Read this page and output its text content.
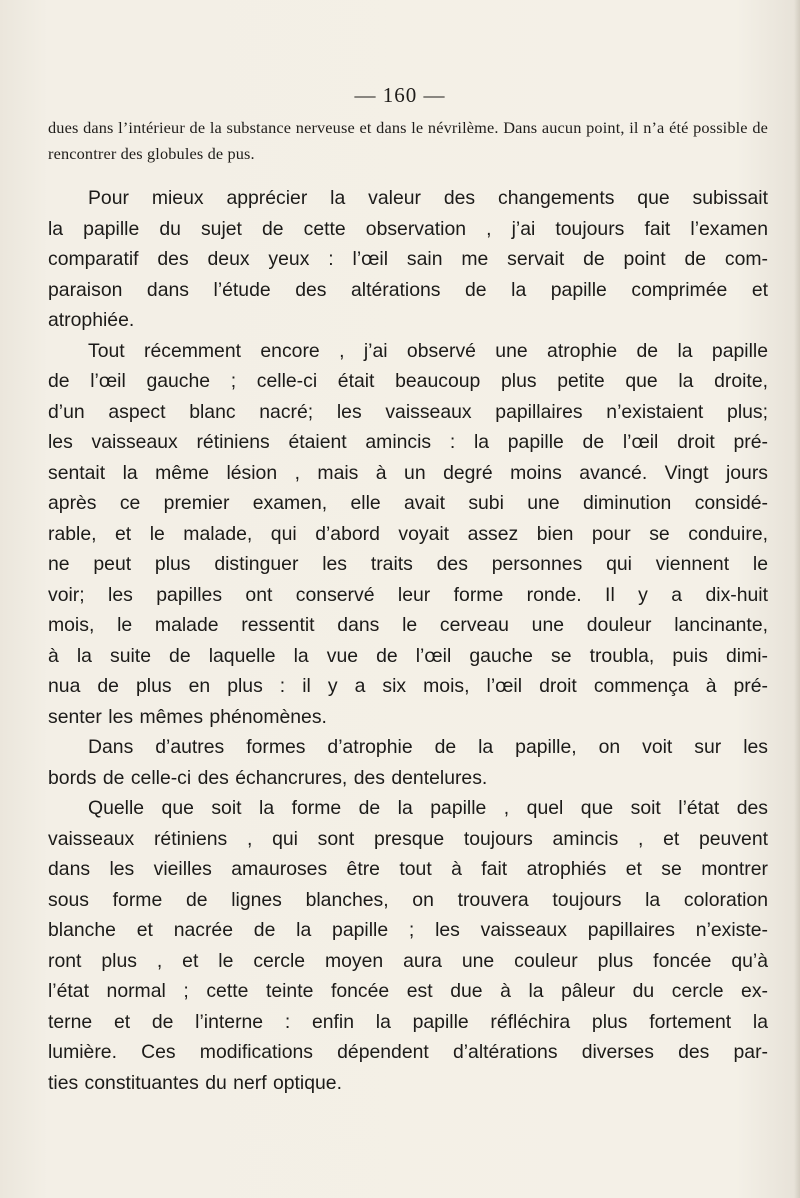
— 160 —
dues dans l’intérieur de la substance nerveuse et dans le névrilème. Dans aucun point, il n’a été possible de rencontrer des globules de pus.
Pour mieux apprécier la valeur des changements que subissait
la papille du sujet de cette observation , j’ai toujours fait l’examen
comparatif des deux yeux : l’œil sain me servait de point de com-
paraison dans l’étude des altérations de la papille comprimée et
atrophiée.
Tout récemment encore , j’ai observé une atrophie de la papille
de l’œil gauche ; celle-ci était beaucoup plus petite que la droite,
d’un aspect blanc nacré; les vaisseaux papillaires n’existaient plus;
les vaisseaux rétiniens étaient amincis : la papille de l’œil droit pré-
sentait la même lésion , mais à un degré moins avancé. Vingt jours
après ce premier examen, elle avait subi une diminution considé-
rable, et le malade, qui d’abord voyait assez bien pour se conduire,
ne peut plus distinguer les traits des personnes qui viennent le
voir; les papilles ont conservé leur forme ronde. Il y a dix-huit
mois, le malade ressentit dans le cerveau une douleur lancinante,
à la suite de laquelle la vue de l’œil gauche se troubla, puis dimi-
nua de plus en plus : il y a six mois, l’œil droit commença à pré-
senter les mêmes phénomènes.
Dans d’autres formes d’atrophie de la papille, on voit sur les
bords de celle-ci des échancrures, des dentelures.
Quelle que soit la forme de la papille , quel que soit l’état des
vaisseaux rétiniens , qui sont presque toujours amincis , et peuvent
dans les vieilles amauroses être tout à fait atrophiés et se montrer
sous forme de lignes blanches, on trouvera toujours la coloration
blanche et nacrée de la papille ; les vaisseaux papillaires n’existe-
ront plus , et le cercle moyen aura une couleur plus foncée qu’à
l’état normal ; cette teinte foncée est due à la pâleur du cercle ex-
terne et de l’interne : enfin la papille réfléchira plus fortement la
lumière. Ces modifications dépendent d’altérations diverses des par-
ties constituantes du nerf optique.
